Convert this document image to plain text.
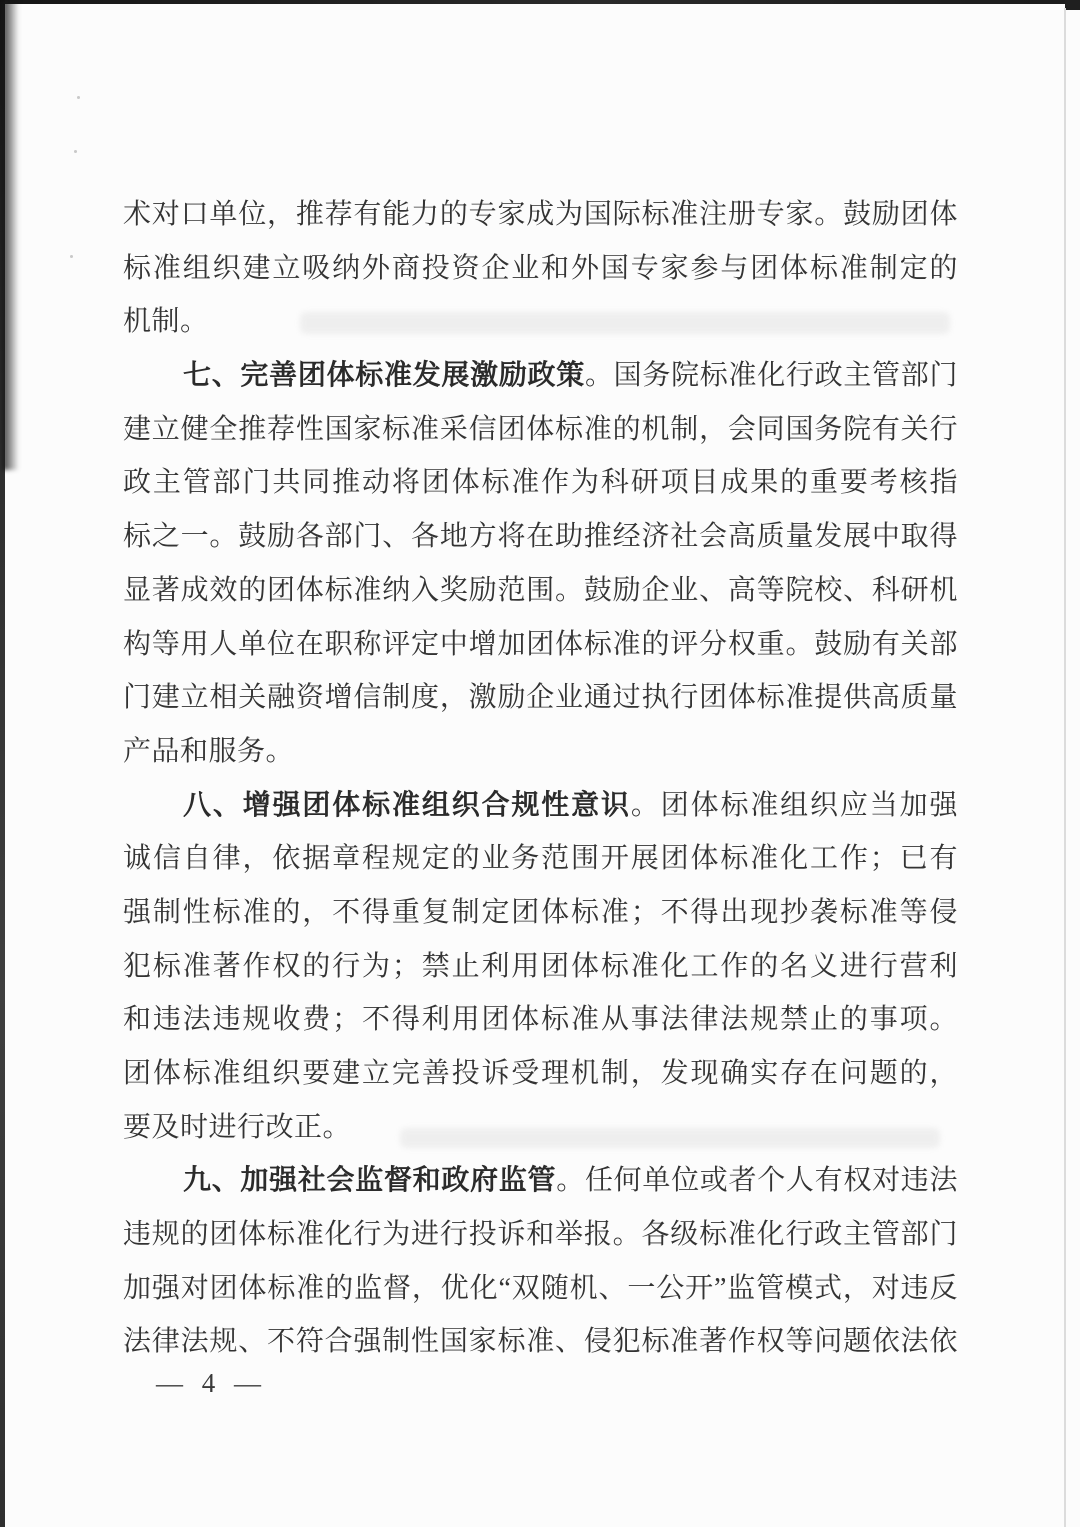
术对口单位，推荐有能力的专家成为国际标准注册专家。鼓励团体
标准组织建立吸纳外商投资企业和外国专家参与团体标准制定的
机制。
七、完善团体标准发展激励政策。国务院标准化行政主管部门
建立健全推荐性国家标准采信团体标准的机制，会同国务院有关行
政主管部门共同推动将团体标准作为科研项目成果的重要考核指
标之一。鼓励各部门、各地方将在助推经济社会高质量发展中取得
显著成效的团体标准纳入奖励范围。鼓励企业、高等院校、科研机
构等用人单位在职称评定中增加团体标准的评分权重。鼓励有关部
门建立相关融资增信制度，激励企业通过执行团体标准提供高质量
产品和服务。
八、增强团体标准组织合规性意识。团体标准组织应当加强
诚信自律，依据章程规定的业务范围开展团体标准化工作；已有
强制性标准的，不得重复制定团体标准；不得出现抄袭标准等侵
犯标准著作权的行为；禁止利用团体标准化工作的名义进行营利
和违法违规收费；不得利用团体标准从事法律法规禁止的事项。
团体标准组织要建立完善投诉受理机制，发现确实存在问题的，
要及时进行改正。
九、加强社会监督和政府监管。任何单位或者个人有权对违法
违规的团体标准化行为进行投诉和举报。各级标准化行政主管部门
加强对团体标准的监督，优化“双随机、一公开”监管模式，对违反
法律法规、不符合强制性国家标准、侵犯标准著作权等问题依法依
— 4 —
